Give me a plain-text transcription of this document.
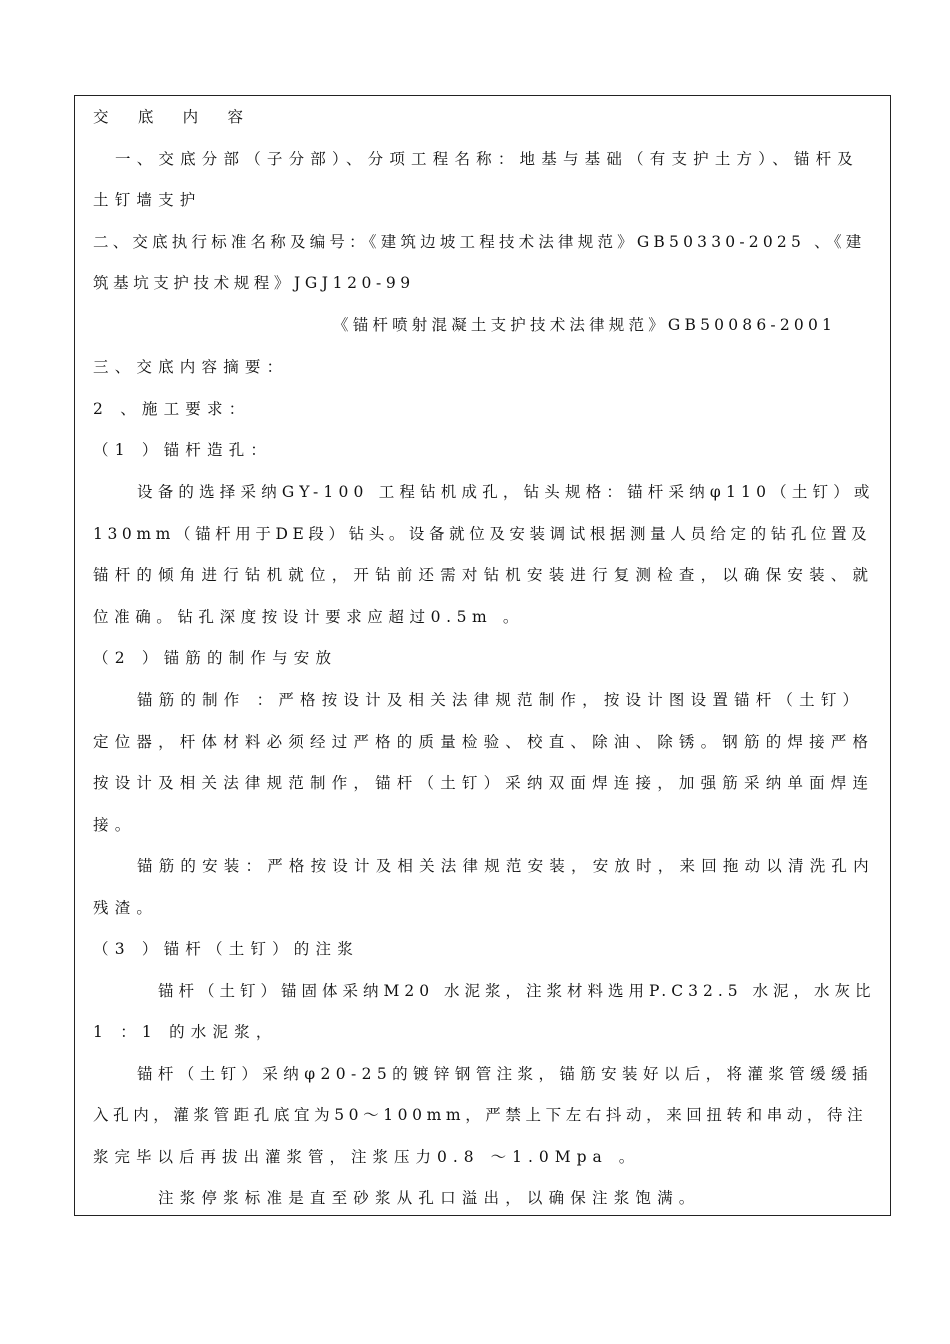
交 底 内 容
一、交底分部（子分部）、分项工程名称：地基与基础（有支护土方）、锚杆及
土钉墙支护
二、交底执行标准名称及编号：《建筑边坡工程技术法律规范》GB50330-2025 、《建
筑基坑支护技术规程》JGJ120-99
《锚杆喷射混凝土支护技术法律规范》GB50086-2001
三、交底内容摘要：
2 、施工要求：
（1 ）锚杆造孔：
设备的选择采纳GY-100 工程钻机成孔，钻头规格：锚杆采纳φ110（土钉）或
130mm（锚杆用于DE段）钻头。设备就位及安装调试根据测量人员给定的钻孔位置及
锚杆的倾角进行钻机就位，开钻前还需对钻机安装进行复测检查，以确保安装、就
位准确。钻孔深度按设计要求应超过0.5m 。
（2 ）锚筋的制作与安放
锚筋的制作 ：严格按设计及相关法律规范制作，按设计图设置锚杆（土钉）
定位器，杆体材料必须经过严格的质量检验、校直、除油、除锈。钢筋的焊接严格
按设计及相关法律规范制作，锚杆（土钉）采纳双面焊连接，加强筋采纳单面焊连
接。
锚筋的安装：严格按设计及相关法律规范安装，安放时，来回拖动以清洗孔内
残渣。
（3 ）锚杆（土钉）的注浆
锚杆（土钉）锚固体采纳M20 水泥浆，注浆材料选用P.C32.5 水泥，水灰比
1 ：1 的水泥浆，
锚杆（土钉）采纳φ20-25的镀锌钢管注浆，锚筋安装好以后，将灌浆管缓缓插
入孔内，灌浆管距孔底宜为50～100mm，严禁上下左右抖动，来回扭转和串动，待注
浆完毕以后再拔出灌浆管，注浆压力0.8 ～1.0Mpa 。
注浆停浆标准是直至砂浆从孔口溢出，以确保注浆饱满。
